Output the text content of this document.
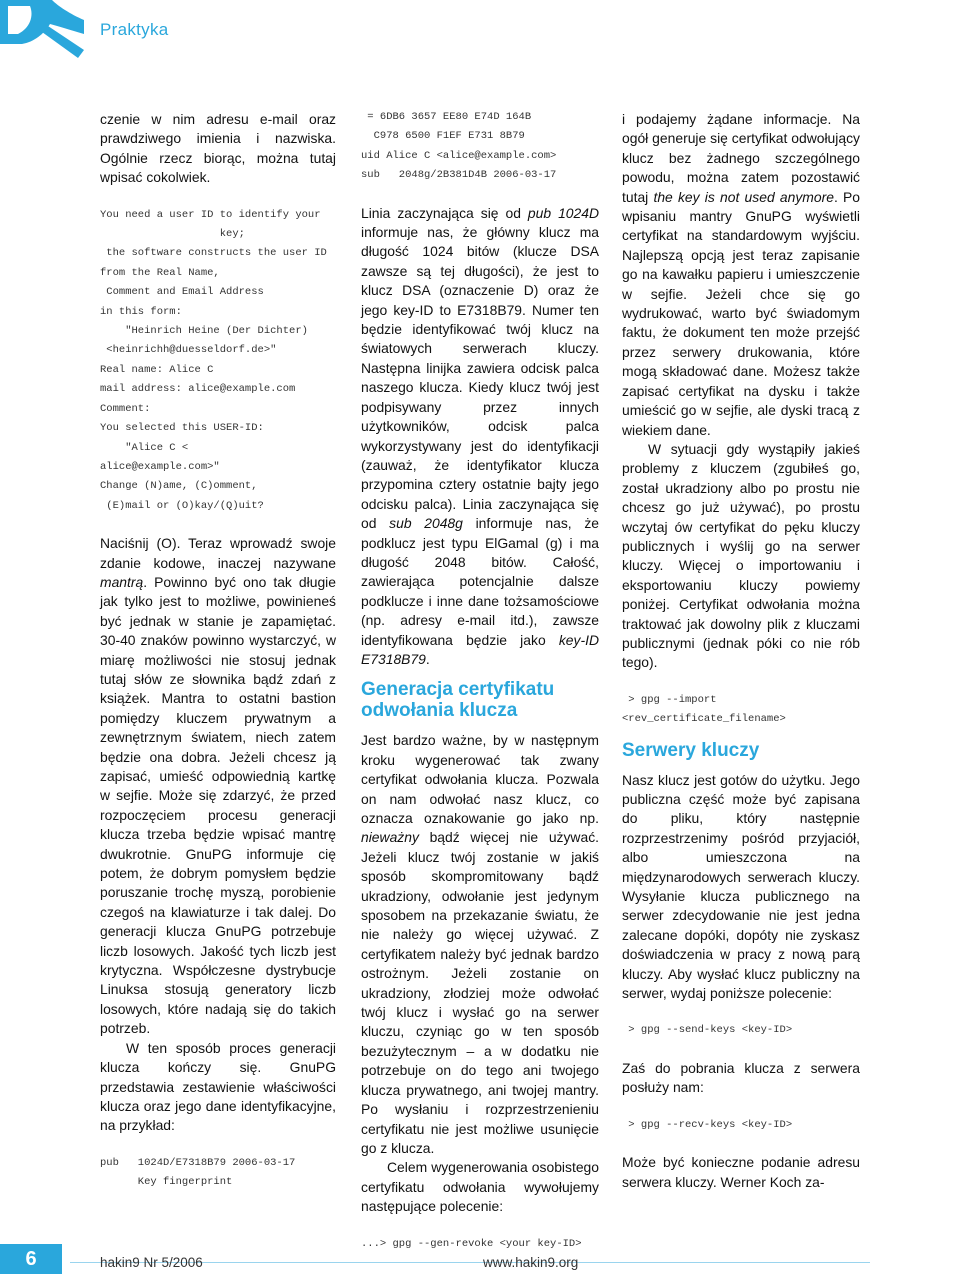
Praktyka

czenie w nim adresu e-mail oraz prawdziwego imienia i nazwiska. Ogólnie rzecz biorąc, można tutaj wpisać cokolwiek.

You need a user ID to identify your
key;
the software constructs the user ID
from the Real Name,
Comment and Email Address
in this form:
"Heinrich Heine (Der Dichter)
<heinrichh@duesseldorf.de>"
Real name: Alice C
mail address: alice@example.com
Comment:
You selected this USER-ID:
"Alice C <
alice@example.com>"
Change (N)ame, (C)omment,
(E)mail or (O)kay/(Q)uit?

Naciśnij (O). Teraz wprowadź swoje zdanie kodowe, inaczej nazywane mantrą. Powinno być ono tak długie jak tylko jest to możliwe, powinieneś być jednak w stanie je zapamiętać. 30-40 znaków powinno wystarczyć, w miarę możliwości nie stosuj jednak tutaj słów ze słownika bądź zdań z książek. Mantra to ostatni bastion pomiędzy kluczem prywatnym a zewnętrznym światem, niech zatem będzie ona dobra. Jeżeli chcesz ją zapisać, umieść odpowiednią kartkę w sejfie. Może się zdarzyć, że przed rozpoczęciem procesu generacji klucza trzeba będzie wpisać mantrę dwukrotnie. GnuPG informuje cię potem, że dobrym pomysłem będzie poruszanie trochę myszą, porobienie czegoś na klawiaturze i tak dalej. Do generacji klucza GnuPG potrzebuje liczb losowych. Jakość tych liczb jest krytyczna. Współczesne dystrybucje Linuksa stosują generatory liczb losowych, które nadają się do takich potrzeb.

W ten sposób proces generacji klucza kończy się. GnuPG przedstawia zestawienie właściwości klucza oraz jego dane identyfikacyjne, na przykład:

pub   1024D/E7318B79 2006-03-17
Key fingerprint
= 6DB6 3657 EE80 E74D 164B
C978 6500 F1EF E731 8B79
uid Alice C <alice@example.com>
sub   2048g/2B381D4B 2006-03-17

Linia zaczynająca się od pub 1024D informuje nas, że główny klucz ma długość 1024 bitów (klucze DSA zawsze są tej długości), że jest to klucz DSA (oznaczenie D) oraz że jego key-ID to E7318B79. Numer ten będzie identyfikować twój klucz na światowych serwerach kluczy. Następna linijka zawiera odcisk palca naszego klucza. Kiedy klucz twój jest podpisywany przez innych użytkowników, odcisk palca wykorzystywany jest do identyfikacji (zauważ, że identyfikator klucza przypomina cztery ostatnie bajty jego odcisku palca). Linia zaczynająca się od sub 2048g informuje nas, że podklucz jest typu ElGamal (g) i ma długość 2048 bitów. Całość, zawierająca potencjalnie dalsze podklucze i inne dane tożsamościowe (np. adresy e-mail itd.), zawsze identyfikowana będzie jako key-ID E7318B79.

Generacja certyfikatu odwołania klucza

Jest bardzo ważne, by w następnym kroku wygenerować tak zwany certyfikat odwołania klucza. Pozwala on nam odwołać nasz klucz, co oznacza oznakowanie go jako np. nieważny bądź więcej nie używać. Jeżeli klucz twój zostanie w jakiś sposób skompromitowany bądź ukradziony, odwołanie jest jedynym sposobem na przekazanie światu, że nie należy go więcej używać. Z certyfikatem należy być jednak bardzo ostrożnym. Jeżeli zostanie on ukradziony, złodziej może odwołać twój klucz i wysłać go na serwer kluczu, czyniąc go w ten sposób bezużytecznym – a w dodatku nie potrzebuje on do tego ani twojego klucza prywatnego, ani twojej mantry. Po wysłaniu i rozprzestrzenieniu certyfikatu nie jest możliwe usunięcie go z klucza.

Celem wygenerowania osobistego certyfikatu odwołania wywołujemy następujące polecenie:

...> gpg --gen-revoke <your key-ID>

i podajemy żądane informacje. Na ogół generuje się certyfikat odwołujący klucz bez żadnego szczególnego powodu, można zatem pozostawić tutaj the key is not used anymore. Po wpisaniu mantry GnuPG wyświetli certyfikat na standardowym wyjściu. Najlepszą opcją jest teraz zapisanie go na kawałku papieru i umieszczenie w sejfie. Jeżeli chce się go wydrukować, warto być świadomym faktu, że dokument ten może przejść przez serwery drukowania, które mogą składować dane. Możesz także zapisać certyfikat na dysku i także umieścić go w sejfie, ale dyski tracą z wiekiem dane.

W sytuacji gdy wystąpiły jakieś problemy z kluczem (zgubiłeś go, został ukradziony albo po prostu nie chcesz go już używać), po prostu wczytaj ów certyfikat do pęku kluczy publicznych i wyślij go na serwer kluczy. Więcej o importowaniu i eksportowaniu kluczy powiemy poniżej. Certyfikat odwołania można traktować jak dowolny plik z kluczami publicznymi (jednak póki co nie rób tego).

> gpg --import
<rev_certificate_filename>
Serwery kluczy

Nasz klucz jest gotów do użytku. Jego publiczna część może być zapisana do pliku, który następnie rozprzestrzenimy pośród przyjaciół, albo umieszczona na międzynarodowych serwerach kluczy. Wysyłanie klucza publicznego na serwer zdecydowanie nie jest jedna zalecane dopóki, dopóty nie zyskasz doświadczenia w pracy z nową parą kluczy. Aby wysłać klucz publiczny na serwer, wydaj poniższe polecenie:

> gpg --send-keys <key-ID>

Zaś do pobrania klucza z serwera posłuży nam:

> gpg --recv-keys <key-ID>

Może być konieczne podanie adresu serwera kluczy. Werner Koch za-

6	hakin9 Nr 5/2006	www.hakin9.org
